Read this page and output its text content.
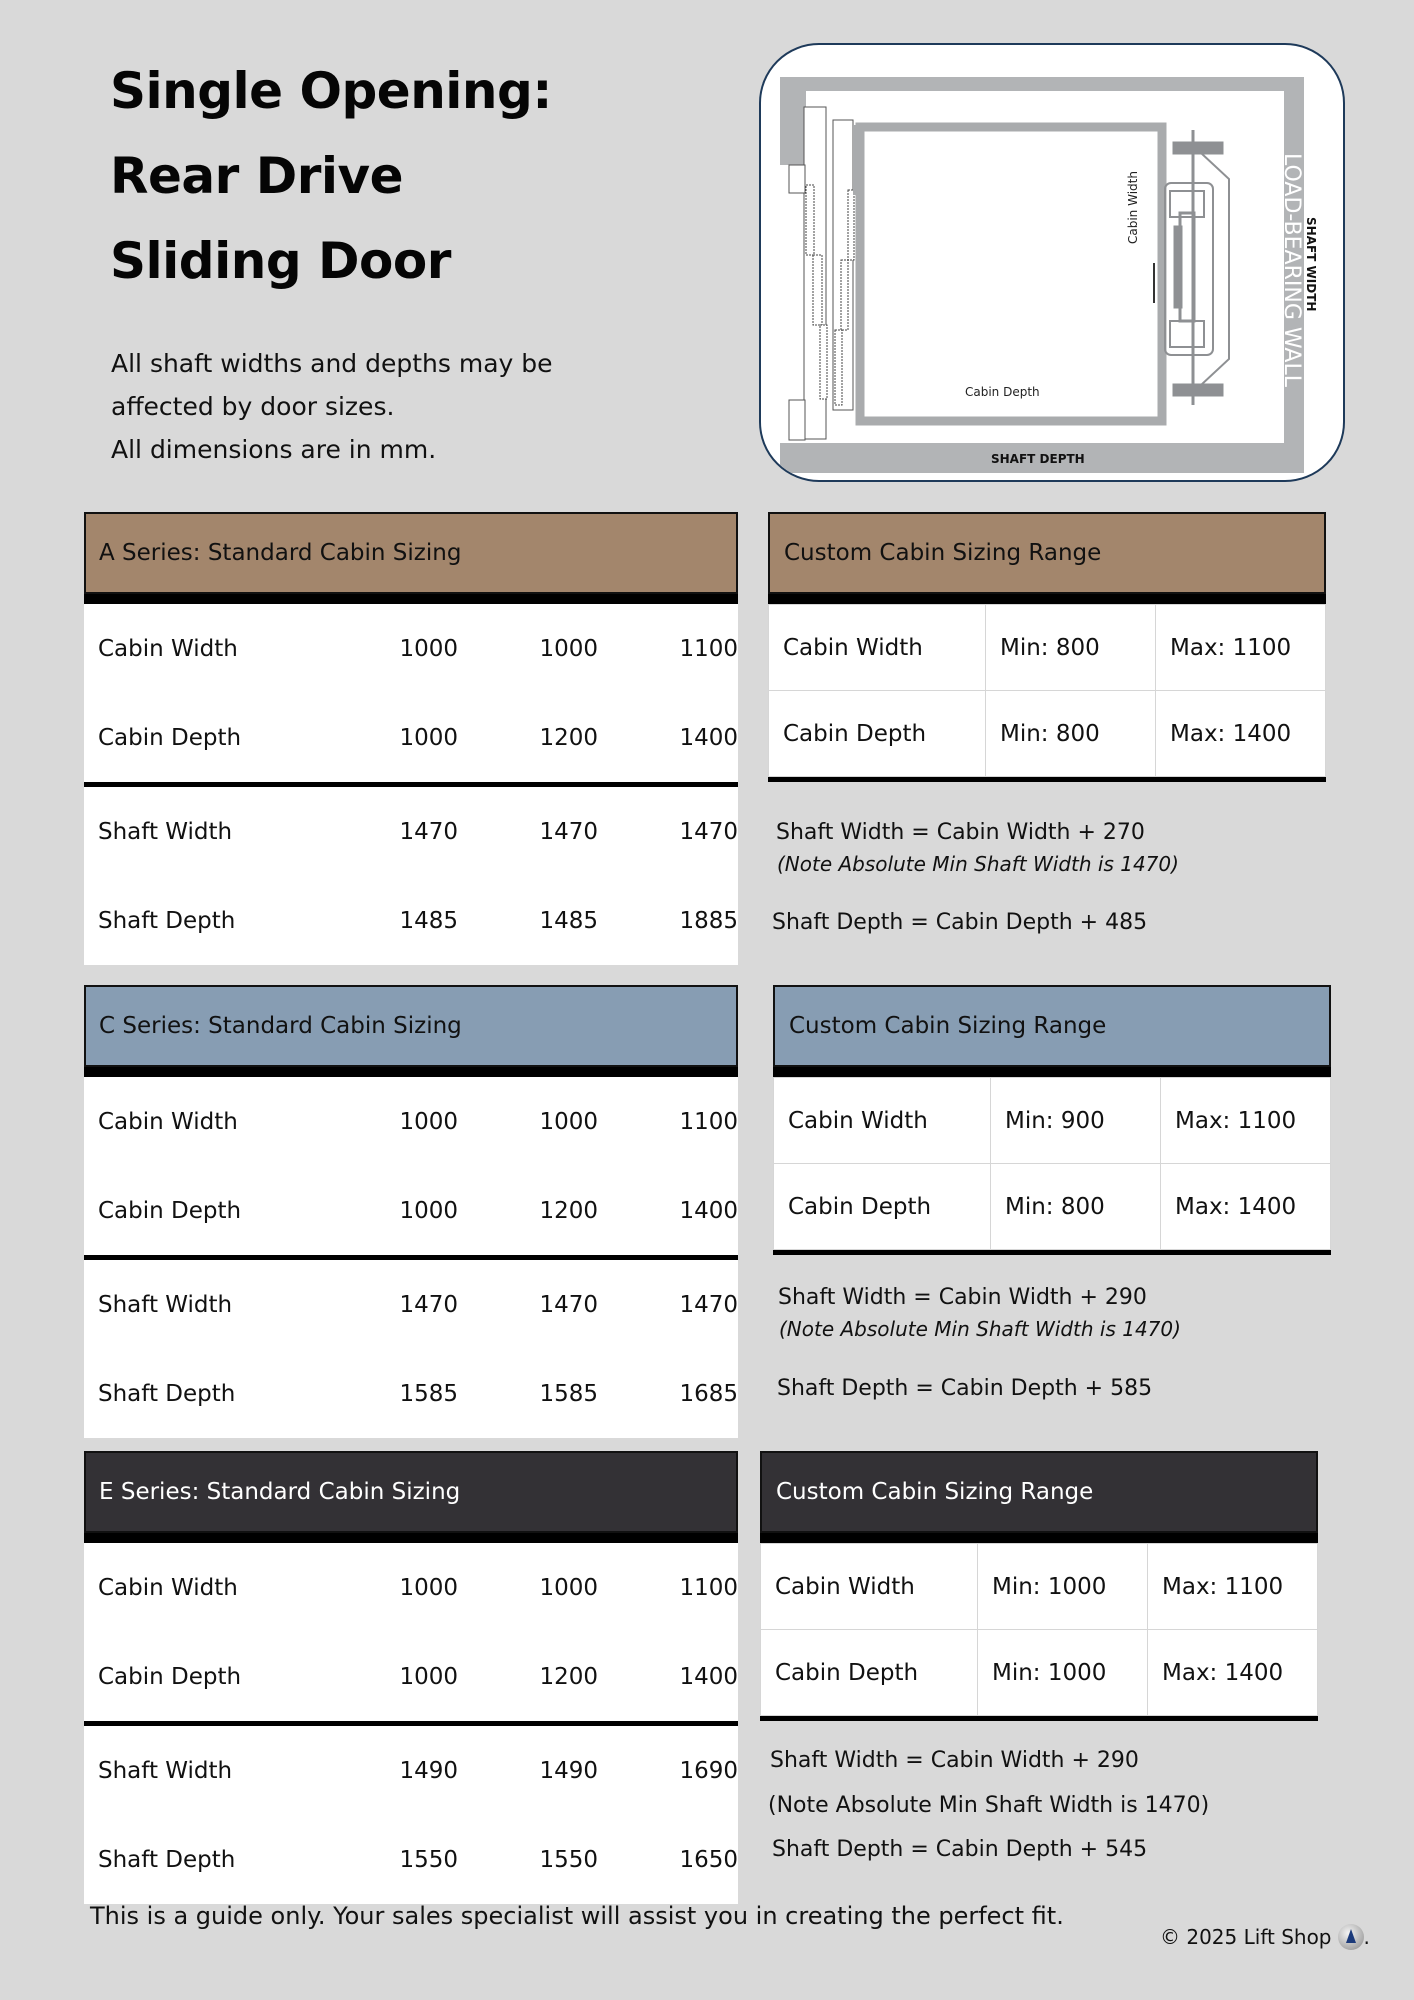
Single Opening:
Rear Drive
Sliding Door
All shaft widths and depths may be
affected by door sizes.
All dimensions are in mm.
Cabin Depth
Cabin Width
SHAFT DEPTH
SHAFT WIDTH
LOAD-BEARING WALL
A Series: Standard Cabin Sizing
Cabin Width	1000	1000	1100
Cabin Depth	1000	1200	1400
Shaft Width	1470	1470	1470
Shaft Depth	1485	1485	1885
Custom Cabin Sizing Range
Cabin Width	Min: 800	Max: 1100
Cabin Depth	Min: 800	Max: 1400
Shaft Width = Cabin Width + 270
(Note Absolute Min Shaft Width is 1470)
Shaft Depth = Cabin Depth + 485
C Series: Standard Cabin Sizing
Cabin Width	1000	1000	1100
Cabin Depth	1000	1200	1400
Shaft Width	1470	1470	1470
Shaft Depth	1585	1585	1685
Custom Cabin Sizing Range
Cabin Width	Min: 900	Max: 1100
Cabin Depth	Min: 800	Max: 1400
Shaft Width = Cabin Width + 290
(Note Absolute Min Shaft Width is 1470)
Shaft Depth = Cabin Depth + 585
E Series: Standard Cabin Sizing
Cabin Width	1000	1000	1100
Cabin Depth	1000	1200	1400
Shaft Width	1490	1490	1690
Shaft Depth	1550	1550	1650
Custom Cabin Sizing Range
Cabin Width	Min: 1000	Max: 1100
Cabin Depth	Min: 1000	Max: 1400
Shaft Width = Cabin Width + 290
(Note Absolute Min Shaft Width is 1470)
Shaft Depth = Cabin Depth + 545
This is a guide only. Your sales specialist will assist you in creating the perfect fit.
© 2025 Lift Shop .
